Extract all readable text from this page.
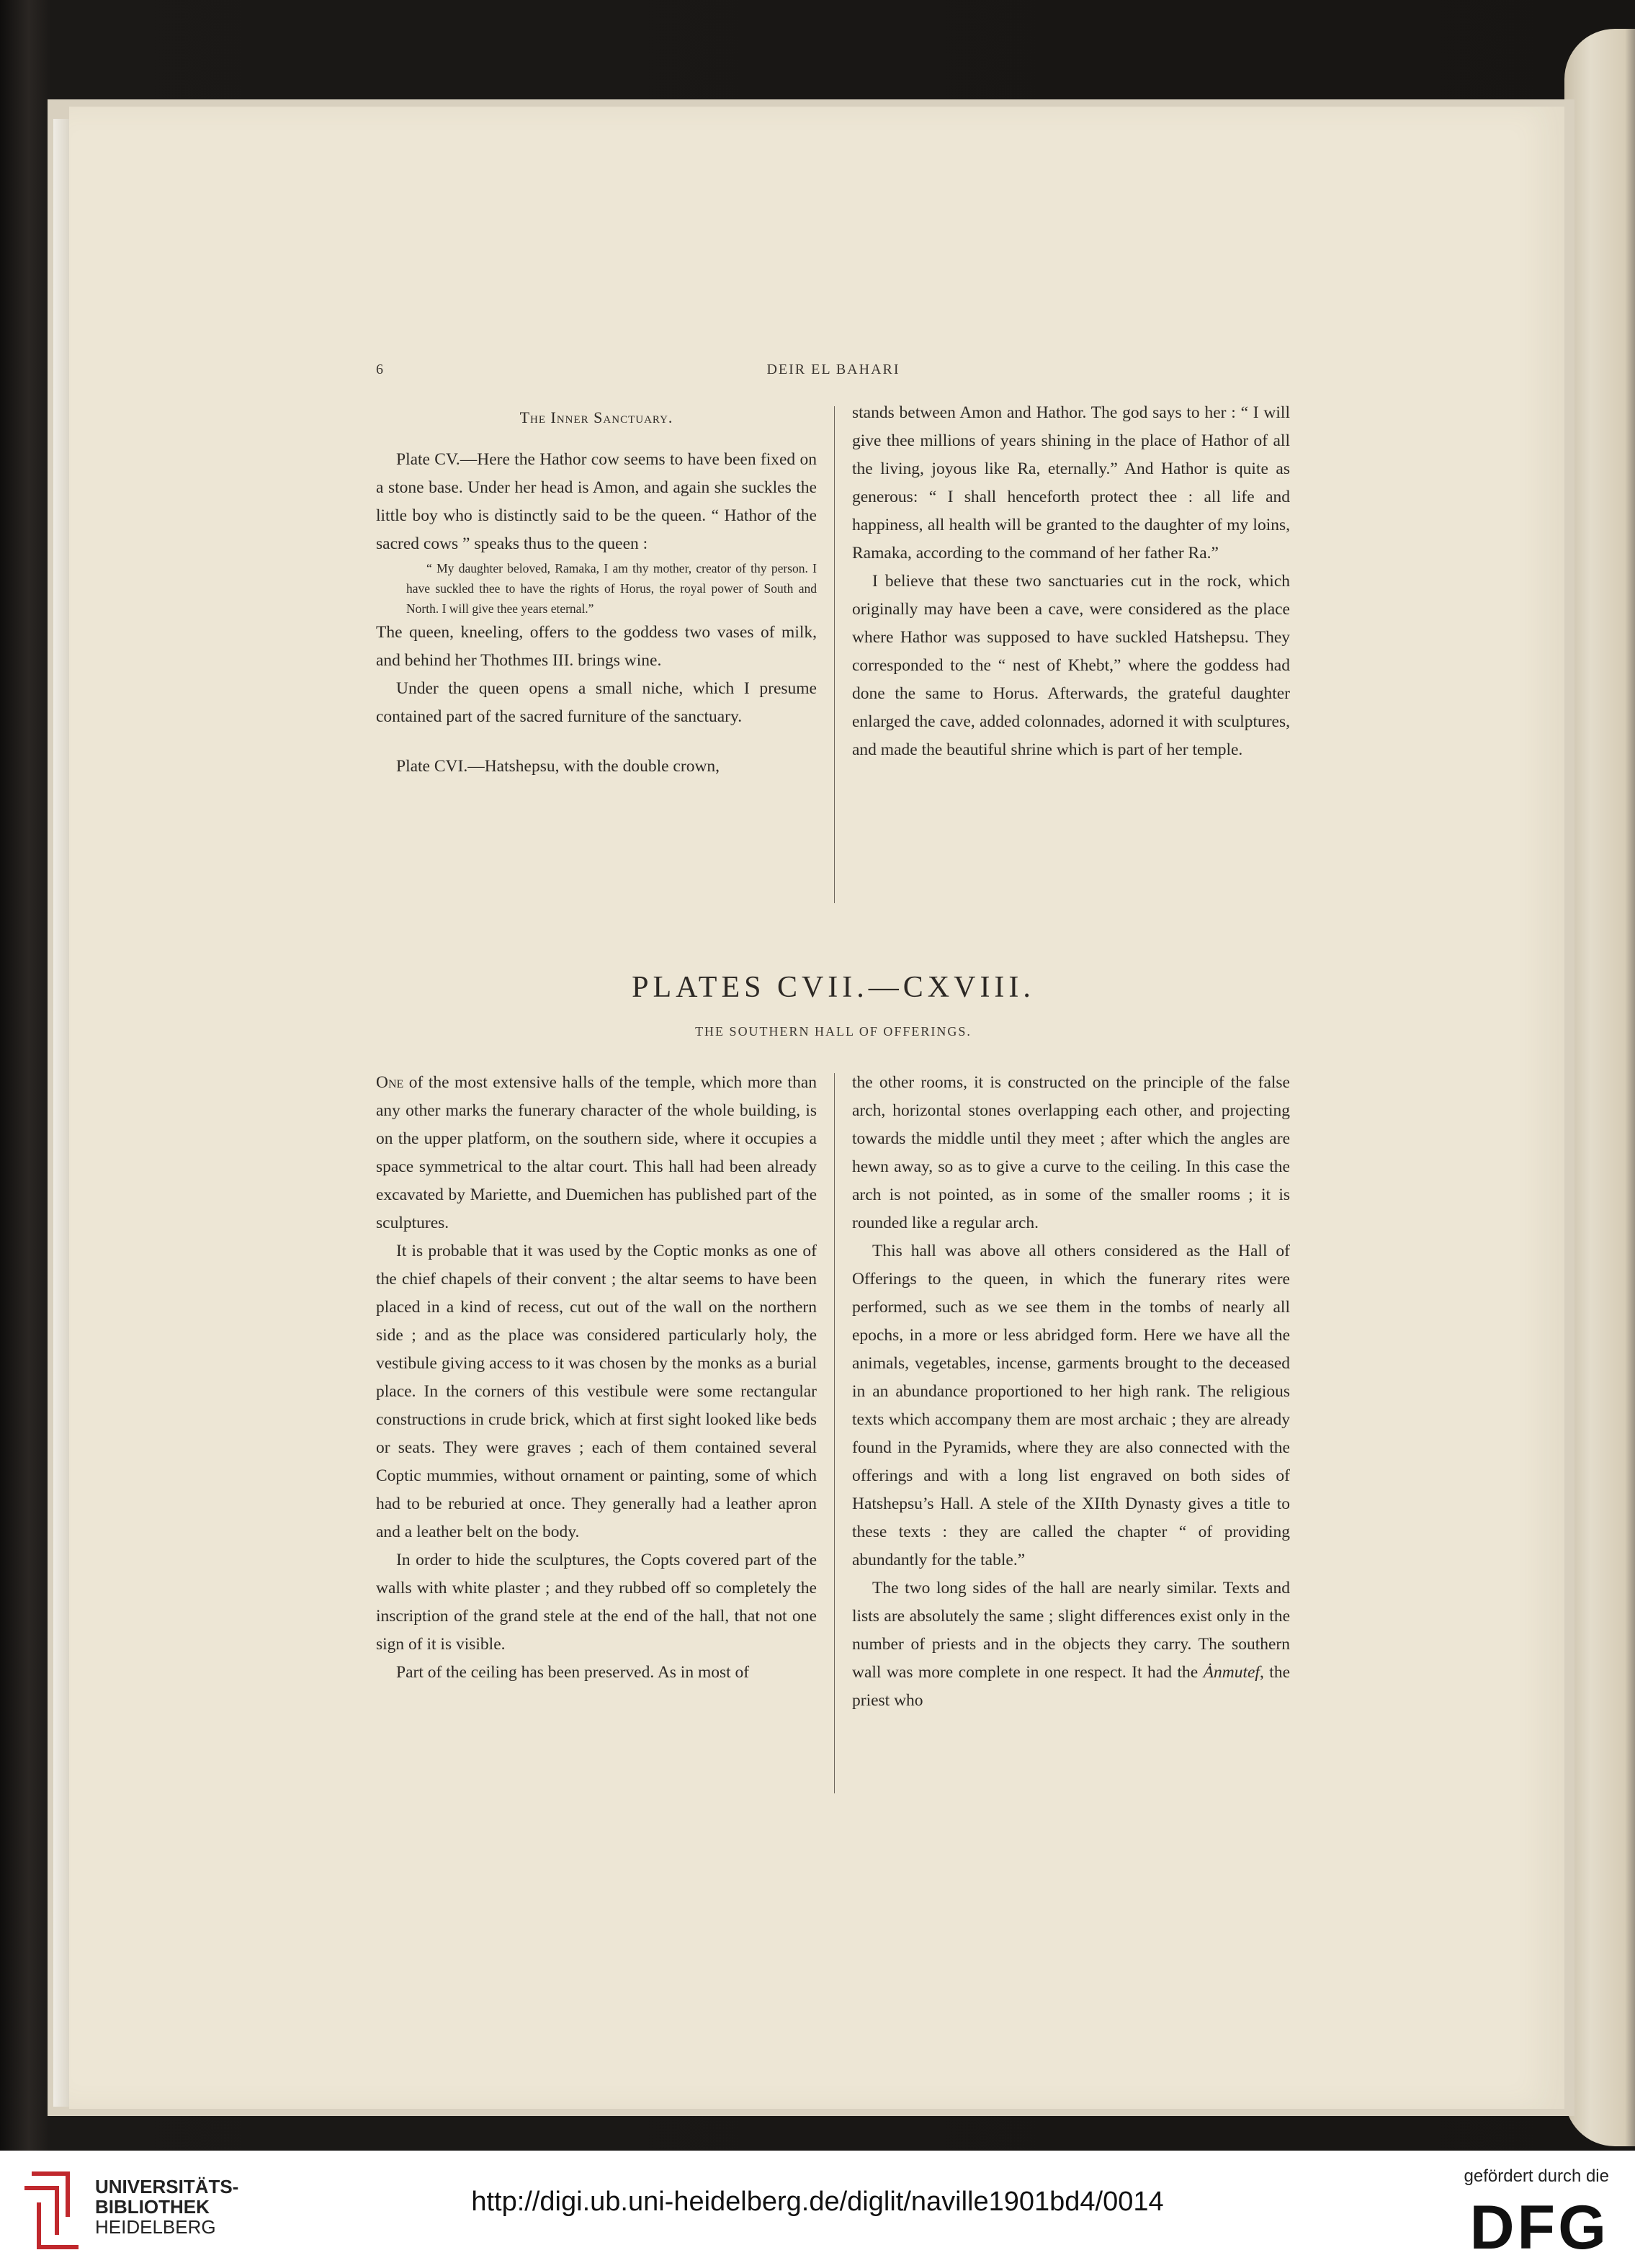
6	DEIR EL BAHARI
The Inner Sanctuary.

Plate CV.—Here the Hathor cow seems to have been fixed on a stone base. Under her head is Amon, and again she suckles the little boy who is distinctly said to be the queen. “ Hathor of the sacred cows ” speaks thus to the queen :

“ My daughter beloved, Ramaka, I am thy mother, creator of thy person. I have suckled thee to have the rights of Horus, the royal power of South and North. I will give thee years eternal.”

The queen, kneeling, offers to the goddess two vases of milk, and behind her Thothmes III. brings wine.

Under the queen opens a small niche, which I presume contained part of the sacred furniture of the sanctuary.

Plate CVI.—Hatshepsu, with the double crown,

stands between Amon and Hathor. The god says to her : “ I will give thee millions of years shining in the place of Hathor of all the living, joyous like Ra, eternally.” And Hathor is quite as generous: “ I shall henceforth protect thee : all life and happiness, all health will be granted to the daughter of my loins, Ramaka, according to the command of her father Ra.”

I believe that these two sanctuaries cut in the rock, which originally may have been a cave, were considered as the place where Hathor was supposed to have suckled Hatshepsu. They corresponded to the “ nest of Khebt,” where the goddess had done the same to Horus. Afterwards, the grateful daughter enlarged the cave, added colonnades, adorned it with sculptures, and made the beautiful shrine which is part of her temple.

PLATES CVII.—CXVIII.
THE SOUTHERN HALL OF OFFERINGS.

One of the most extensive halls of the temple, which more than any other marks the funerary character of the whole building, is on the upper platform, on the southern side, where it occupies a space symmetrical to the altar court. This hall had been already excavated by Mariette, and Duemichen has published part of the sculptures.

It is probable that it was used by the Coptic monks as one of the chief chapels of their convent ; the altar seems to have been placed in a kind of recess, cut out of the wall on the northern side ; and as the place was considered particularly holy, the vestibule giving access to it was chosen by the monks as a burial place. In the corners of this vestibule were some rectangular constructions in crude brick, which at first sight looked like beds or seats. They were graves ; each of them contained several Coptic mummies, without ornament or painting, some of which had to be reburied at once. They generally had a leather apron and a leather belt on the body.

In order to hide the sculptures, the Copts covered part of the walls with white plaster ; and they rubbed off so completely the inscription of the grand stele at the end of the hall, that not one sign of it is visible.

Part of the ceiling has been preserved. As in most of

the other rooms, it is constructed on the principle of the false arch, horizontal stones overlapping each other, and projecting towards the middle until they meet ; after which the angles are hewn away, so as to give a curve to the ceiling. In this case the arch is not pointed, as in some of the smaller rooms ; it is rounded like a regular arch.

This hall was above all others considered as the Hall of Offerings to the queen, in which the funerary rites were performed, such as we see them in the tombs of nearly all epochs, in a more or less abridged form. Here we have all the animals, vegetables, incense, garments brought to the deceased in an abundance proportioned to her high rank. The religious texts which accompany them are most archaic ; they are already found in the Pyramids, where they are also connected with the offerings and with a long list engraved on both sides of Hatshepsu’s Hall. A stele of the XIIth Dynasty gives a title to these texts : they are called the chapter “ of providing abundantly for the table.”

The two long sides of the hall are nearly similar. Texts and lists are absolutely the same ; slight differences exist only in the number of priests and in the objects they carry. The southern wall was more complete in one respect. It had the Ȧnmutef, the priest who

UNIVERSITÄTS-
BIBLIOTHEK
HEIDELBERG
http://digi.ub.uni-heidelberg.de/diglit/naville1901bd4/0014
gefördert durch die
DFG
